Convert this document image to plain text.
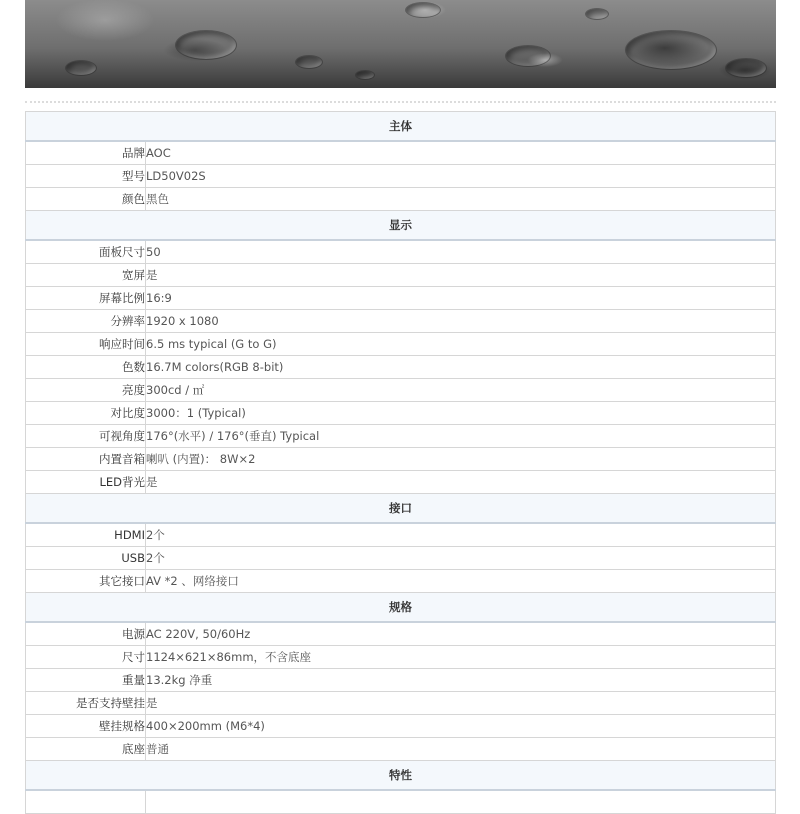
主体	
品牌	AOC
型号	LD50V02S
颜色	黑色
显示	
面板尺寸	50
宽屏	是
屏幕比例	16:9
分辨率	1920 x 1080
响应时间	6.5 ms typical (G to G)
色数	16.7M colors(RGB 8-bit)
亮度	300cd / ㎡
对比度	3000：1 (Typical)
可视角度	176°(水平) / 176°(垂直) Typical
内置音箱	喇叭 (内置)： 8W×2
LED背光	是
接口	
HDMI	2个
USB	2个
其它接口	AV *2 、网络接口
规格	
电源	AC 220V, 50/60Hz
尺寸	1124×621×86mm，不含底座
重量	13.2kg 净重
是否支持壁挂	是
壁挂规格	400×200mm (M6*4)
底座	普通
特性	
